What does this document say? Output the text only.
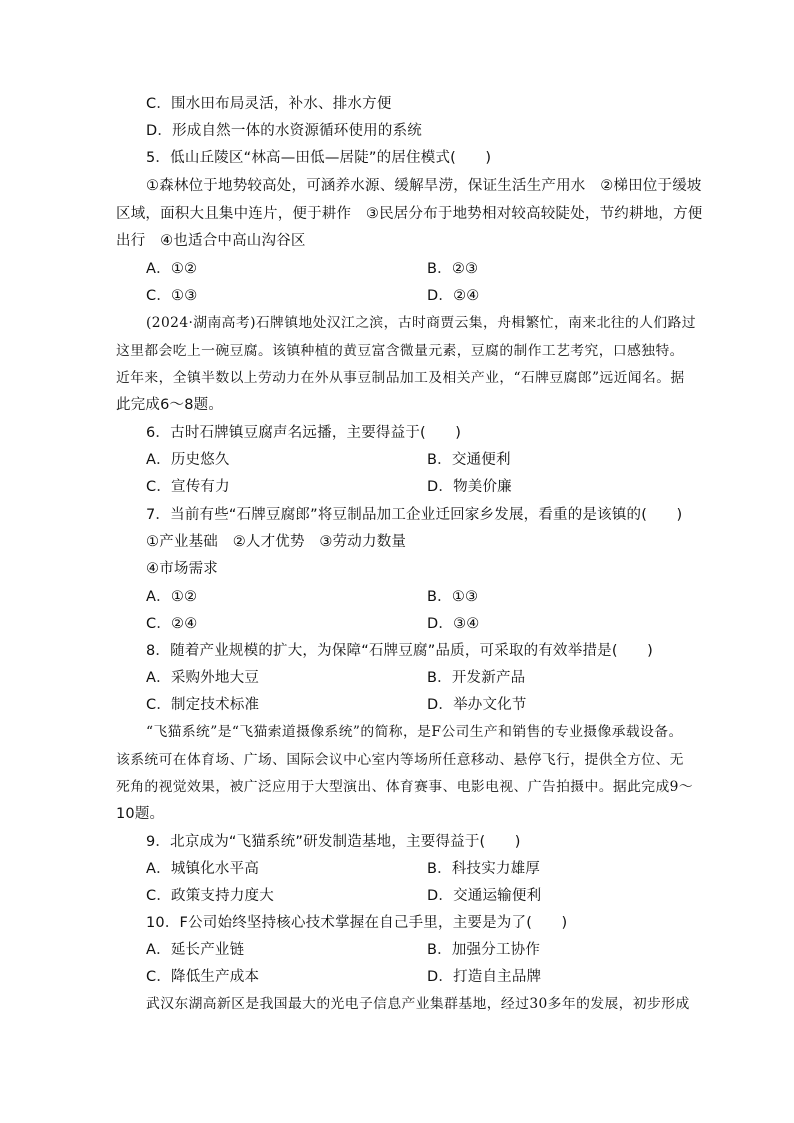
C．围水田布局灵活，补水、排水方便
D．形成自然一体的水资源循环使用的系统
5．低山丘陵区“林高—田低—居陡”的居住模式(　　)
①森林位于地势较高处，可涵养水源、缓解旱涝，保证生活生产用水　②梯田位于缓坡
区域，面积大且集中连片，便于耕作　③民居分布于地势相对较高较陡处，节约耕地，方便
出行　④也适合中高山沟谷区
A．①②	B．②③
C．①③	D．②④
(2024·湖南高考)石牌镇地处汉江之滨，古时商贾云集，舟楫繁忙，南来北往的人们路过
这里都会吃上一碗豆腐。该镇种植的黄豆富含微量元素，豆腐的制作工艺考究，口感独特。
近年来，全镇半数以上劳动力在外从事豆制品加工及相关产业，“石牌豆腐郎”远近闻名。据
此完成6～8题。
6．古时石牌镇豆腐声名远播，主要得益于(　　)
A．历史悠久	B．交通便利
C．宣传有力	D．物美价廉
7．当前有些“石牌豆腐郎”将豆制品加工企业迁回家乡发展，看重的是该镇的(　　)
①产业基础　②人才优势　③劳动力数量
④市场需求
A．①②	B．①③
C．②④	D．③④
8．随着产业规模的扩大，为保障“石牌豆腐”品质，可采取的有效举措是(　　)
A．采购外地大豆	B．开发新产品
C．制定技术标准	D．举办文化节
“飞猫系统”是“飞猫索道摄像系统”的简称，是F公司生产和销售的专业摄像承载设备。
该系统可在体育场、广场、国际会议中心室内等场所任意移动、悬停飞行，提供全方位、无
死角的视觉效果，被广泛应用于大型演出、体育赛事、电影电视、广告拍摄中。据此完成9～
10题。
9．北京成为“飞猫系统”研发制造基地，主要得益于(　　)
A．城镇化水平高	B．科技实力雄厚
C．政策支持力度大	D．交通运输便利
10．F公司始终坚持核心技术掌握在自己手里，主要是为了(　　)
A．延长产业链	B．加强分工协作
C．降低生产成本	D．打造自主品牌
武汉东湖高新区是我国最大的光电子信息产业集群基地，经过30多年的发展，初步形成
